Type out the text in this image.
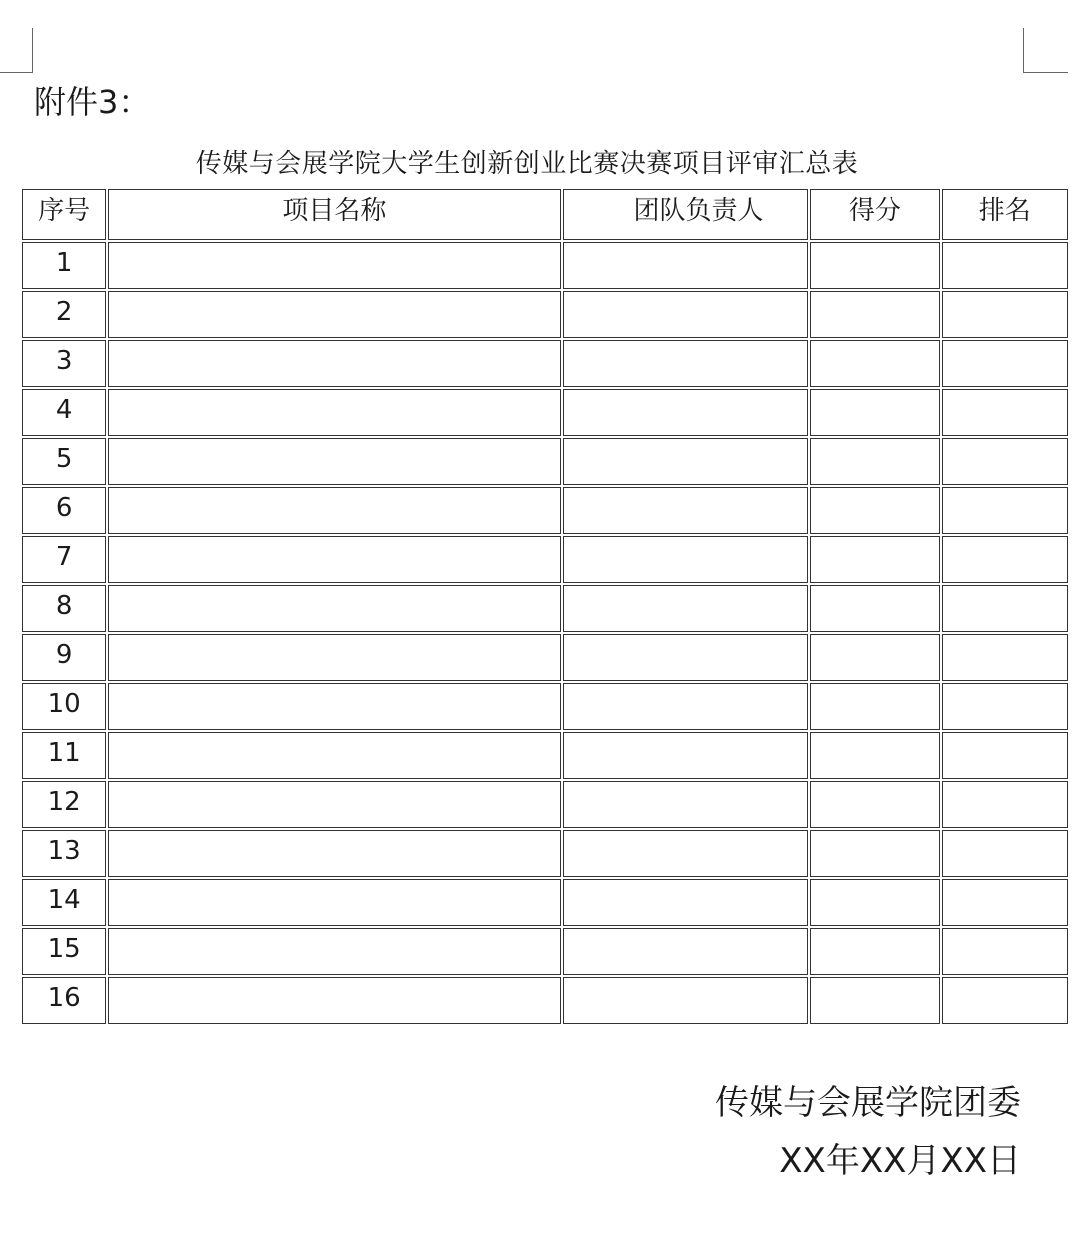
附件3：
传媒与会展学院大学生创新创业比赛决赛项目评审汇总表
序号	项目名称	团队负责人	得分	排名
1				
2				
3				
4				
5				
6				
7				
8				
9				
10				
11				
12				
13				
14				
15				
16				
传媒与会展学院团委
XX年XX月XX日
